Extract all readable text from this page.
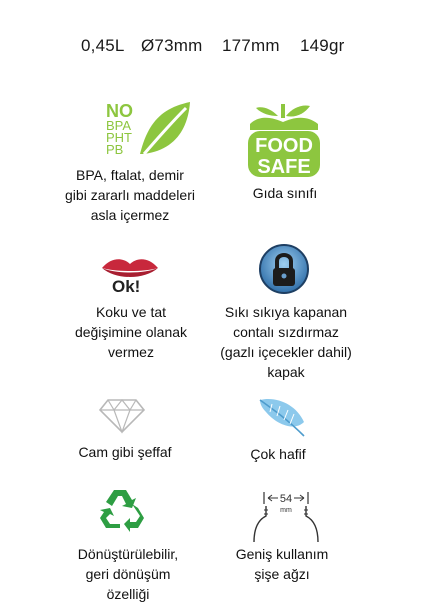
0,45L Ø73mm 177mm 149gr
NO
BPA
PHT
PB	FOOD
SAFE
BPA, ftalat, demir
gibi zararlı maddeleri
asla içermez
Gıda sınıfı
Ok!
Koku ve tat
değişimine olanak
vermez
Sıkı sıkıya kapanan
contalı sızdırmaz
(gazlı içecekler dahil)
kapak
Cam gibi şeffaf	Çok hafif
54
mm
Dönüştürülebilir,
geri dönüşüm
özelliği
Geniş kullanım
şişe ağzı
